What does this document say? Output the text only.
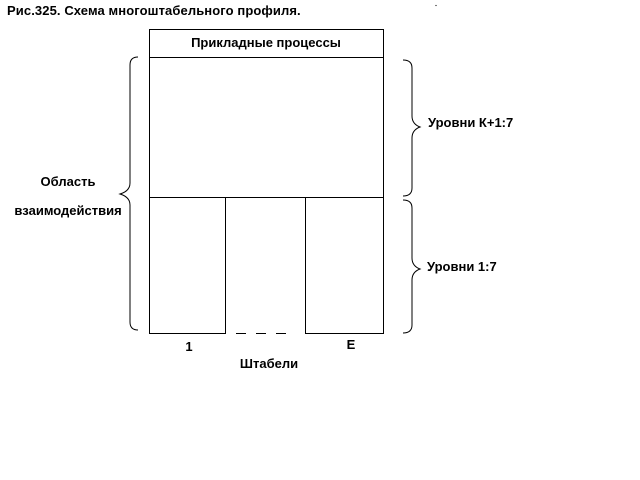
Рис.325. Схема многоштабельного профиля.
Прикладные процессы
Область
взаимодействия
Уровни К+1:7
Уровни 1:7
1	Е
Штабели
